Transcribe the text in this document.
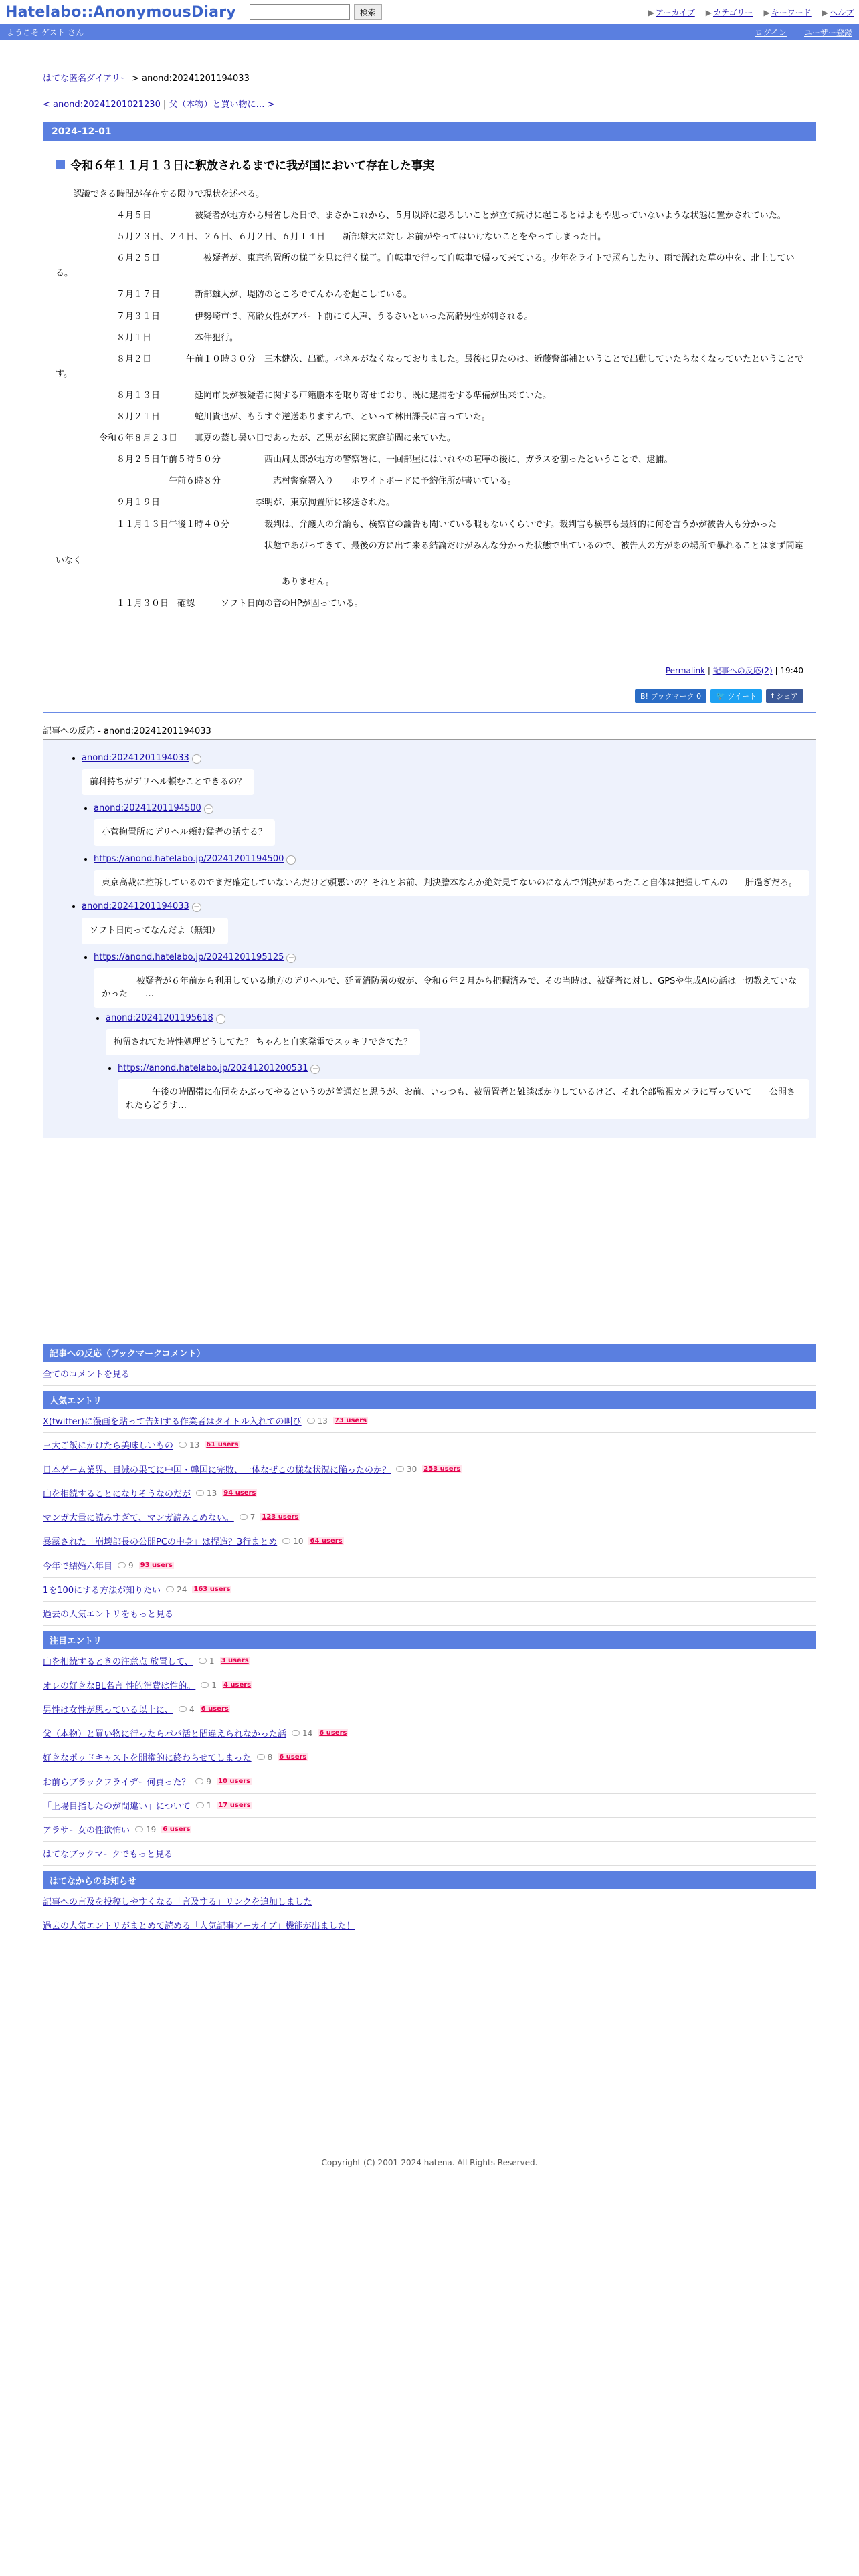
Hatelabo::AnonymousDiary	検索	▶ アーカイブ ▶ カテゴリー ▶ キーワード ▶ ヘルプ
ようこそ ゲスト さん	ログイン ユーザー登録
はてな匿名ダイアリー > anond:20241201194033
< anond:20241201021230 | 父（本物）と買い物に… >
2024-12-01
令和６年１１月１３日に釈放されるまでに我が国において存在した事実

　　認識できる時間が存在する限りで現状を述べる。

　　　　　　　４月５日　　　　　被疑者が地方から帰省した日で、まさかこれから、５月以降に恐ろしいことが立て続けに起こるとはよもや思っていないような状態に置かされていた。

　　　　　　　５月２３日、２４日、２６日、６月２日、６月１４日　　新部雄大に対し お前がやってはいけないことをやってしまった日。

　　　　　　　６月２５日　　　　　被疑者が、東京拘置所の様子を見に行く様子。自転車で行って自転車で帰って来ている。少年をライトで照らしたり、雨で濡れた草の中を、北上している。

　　　　　　　７月１７日　　　　新部雄大が、堤防のところでてんかんを起こしている。

　　　　　　　７月３１日　　　　伊勢崎市で、高齢女性がアパート前にて大声、うるさいといった高齢男性が刺される。

　　　　　　　８月１日　　　　　本件犯行。

　　　　　　　８月２日　　　　午前１０時３０分　三木健次、出勤。パネルがなくなっておりました。最後に見たのは、近藤警部補ということで出動していたらなくなっていたということです。

　　　　　　　８月１３日　　　　延岡市長が被疑者に関する戸籍謄本を取り寄せており、既に逮捕をする準備が出来ていた。

　　　　　　　８月２１日　　　　蛇川貴也が、もうすぐ逆送ありますんで、といって林田課長に言っていた。

　　　　　令和６年８月２３日　　真夏の蒸し暑い日であったが、乙黒が玄関に家庭訪問に来ていた。

　　　　　　　８月２５日午前５時５０分　　　　　西山周太郎が地方の警察署に、一回部屋にはいれやの喧嘩の後に、ガラスを割ったということで、逮捕。

　　　　　　　　　　　　　午前６時８分　　　　　　志村警察署入り　　ホワイトボードに予約住所が書いている。

　　　　　　　９月１９日　　　　　　　　　　　李明が、東京拘置所に移送された。

　　　　　　　１１月１３日午後１時４０分　　　　裁判は、弁護人の弁論も、検察官の論告も聞いている暇もないくらいです。裁判官も検事も最終的に何を言うかが被告人も分かった

　　　　　　　　　　　　　　　　　　　　　　　　状態であがってきて、最後の方に出て来る結論だけがみんな分かった状態で出ているので、被告人の方があの場所で暴れることはまず間違いなく

　　　　　　　　　　　　　　　　　　　　　　　　　　ありません。

　　　　　　　１１月３０日　確認　　　ソフト日向の音のHPが固っている。

Permalink | 記事への反応(2) | 19:40
B! ブックマーク 0	🐦 ツイート f シェア
記事への反応 - anond:20241201194033
• anond:20241201194033 －
前科持ちがデリヘル頼むことできるの？
• anond:20241201194500 －
小菅拘置所にデリヘル頼む猛者の話する？
• https://anond.hatelabo.jp/20241201194500 －
東京高裁に控訴しているのでまだ確定していないんだけど頭悪いの？それとお前、判決謄本なんか絶対見てないのになんで判決があったこと自体は把握してんの　　肝過ぎだろ。
• anond:20241201194033 －
ソフト日向ってなんだよ（無知）
• https://anond.hatelabo.jp/20241201195125 －
　　　　被疑者が６年前から利用している地方のデリヘルで、延岡消防署の奴が、令和６年２月から把握済みで、その当時は、被疑者に対し、GPSや生成AIの話は一切教えていなかった　　…
• anond:20241201195618 －
拘留されてた時性処理どうしてた？ ちゃんと自家発電でスッキリできてた？
• https://anond.hatelabo.jp/20241201200531 －
　　　午後の時間帯に布団をかぶってやるというのが普通だと思うが、お前、いっつも、被留置者と雑談ばかりしているけど、それ全部監視カメラに写っていて　　公開されたらどうす…
記事への反応（ブックマークコメント）
全てのコメントを見る
人気エントリ
X(twitter)に漫画を貼って告知する作業者はタイトル入れての叫び 13 73 users
三大ご飯にかけたら美味しいもの 13 61 users
日本ゲーム業界、目減の果てに中国・韓国に完敗、一体なぜこの様な状況に陥ったのか？ 30 253 users
山を相続することになりそうなのだが 13 94 users
マンガ大量に読みすぎて、マンガ読みこめない。 7 123 users
暴露された「崩壊部長の公開PCの中身」は捏造？3行まとめ 10 64 users
今年で結婚六年目 9 93 users
1を100にする方法が知りたい 24 163 users
過去の人気エントリをもっと見る
注目エントリ
山を相続するときの注意点 放置して、 1 3 users
オレの好きなBL名言 性的消費は性的。 1 4 users
男性は女性が思っている以上に、 4 6 users
父（本物）と買い物に行ったらパパ活と間違えられなかった話 14 6 users
好きなポッドキャストを開権的に終わらせてしまった 8 6 users
お前らブラックフライデー何買った？ 9 10 users
「上場目指したのが間違い」について 1 17 users
アラサー女の性欲怖い 19 6 users
はてなブックマークでもっと見る
はてなからのお知らせ
記事への言及を投稿しやすくなる「言及する」リンクを追加しました
過去の人気エントリがまとめて読める「人気記事アーカイブ」機能が出ました！
Copyright (C) 2001-2024 hatena. All Rights Reserved.
